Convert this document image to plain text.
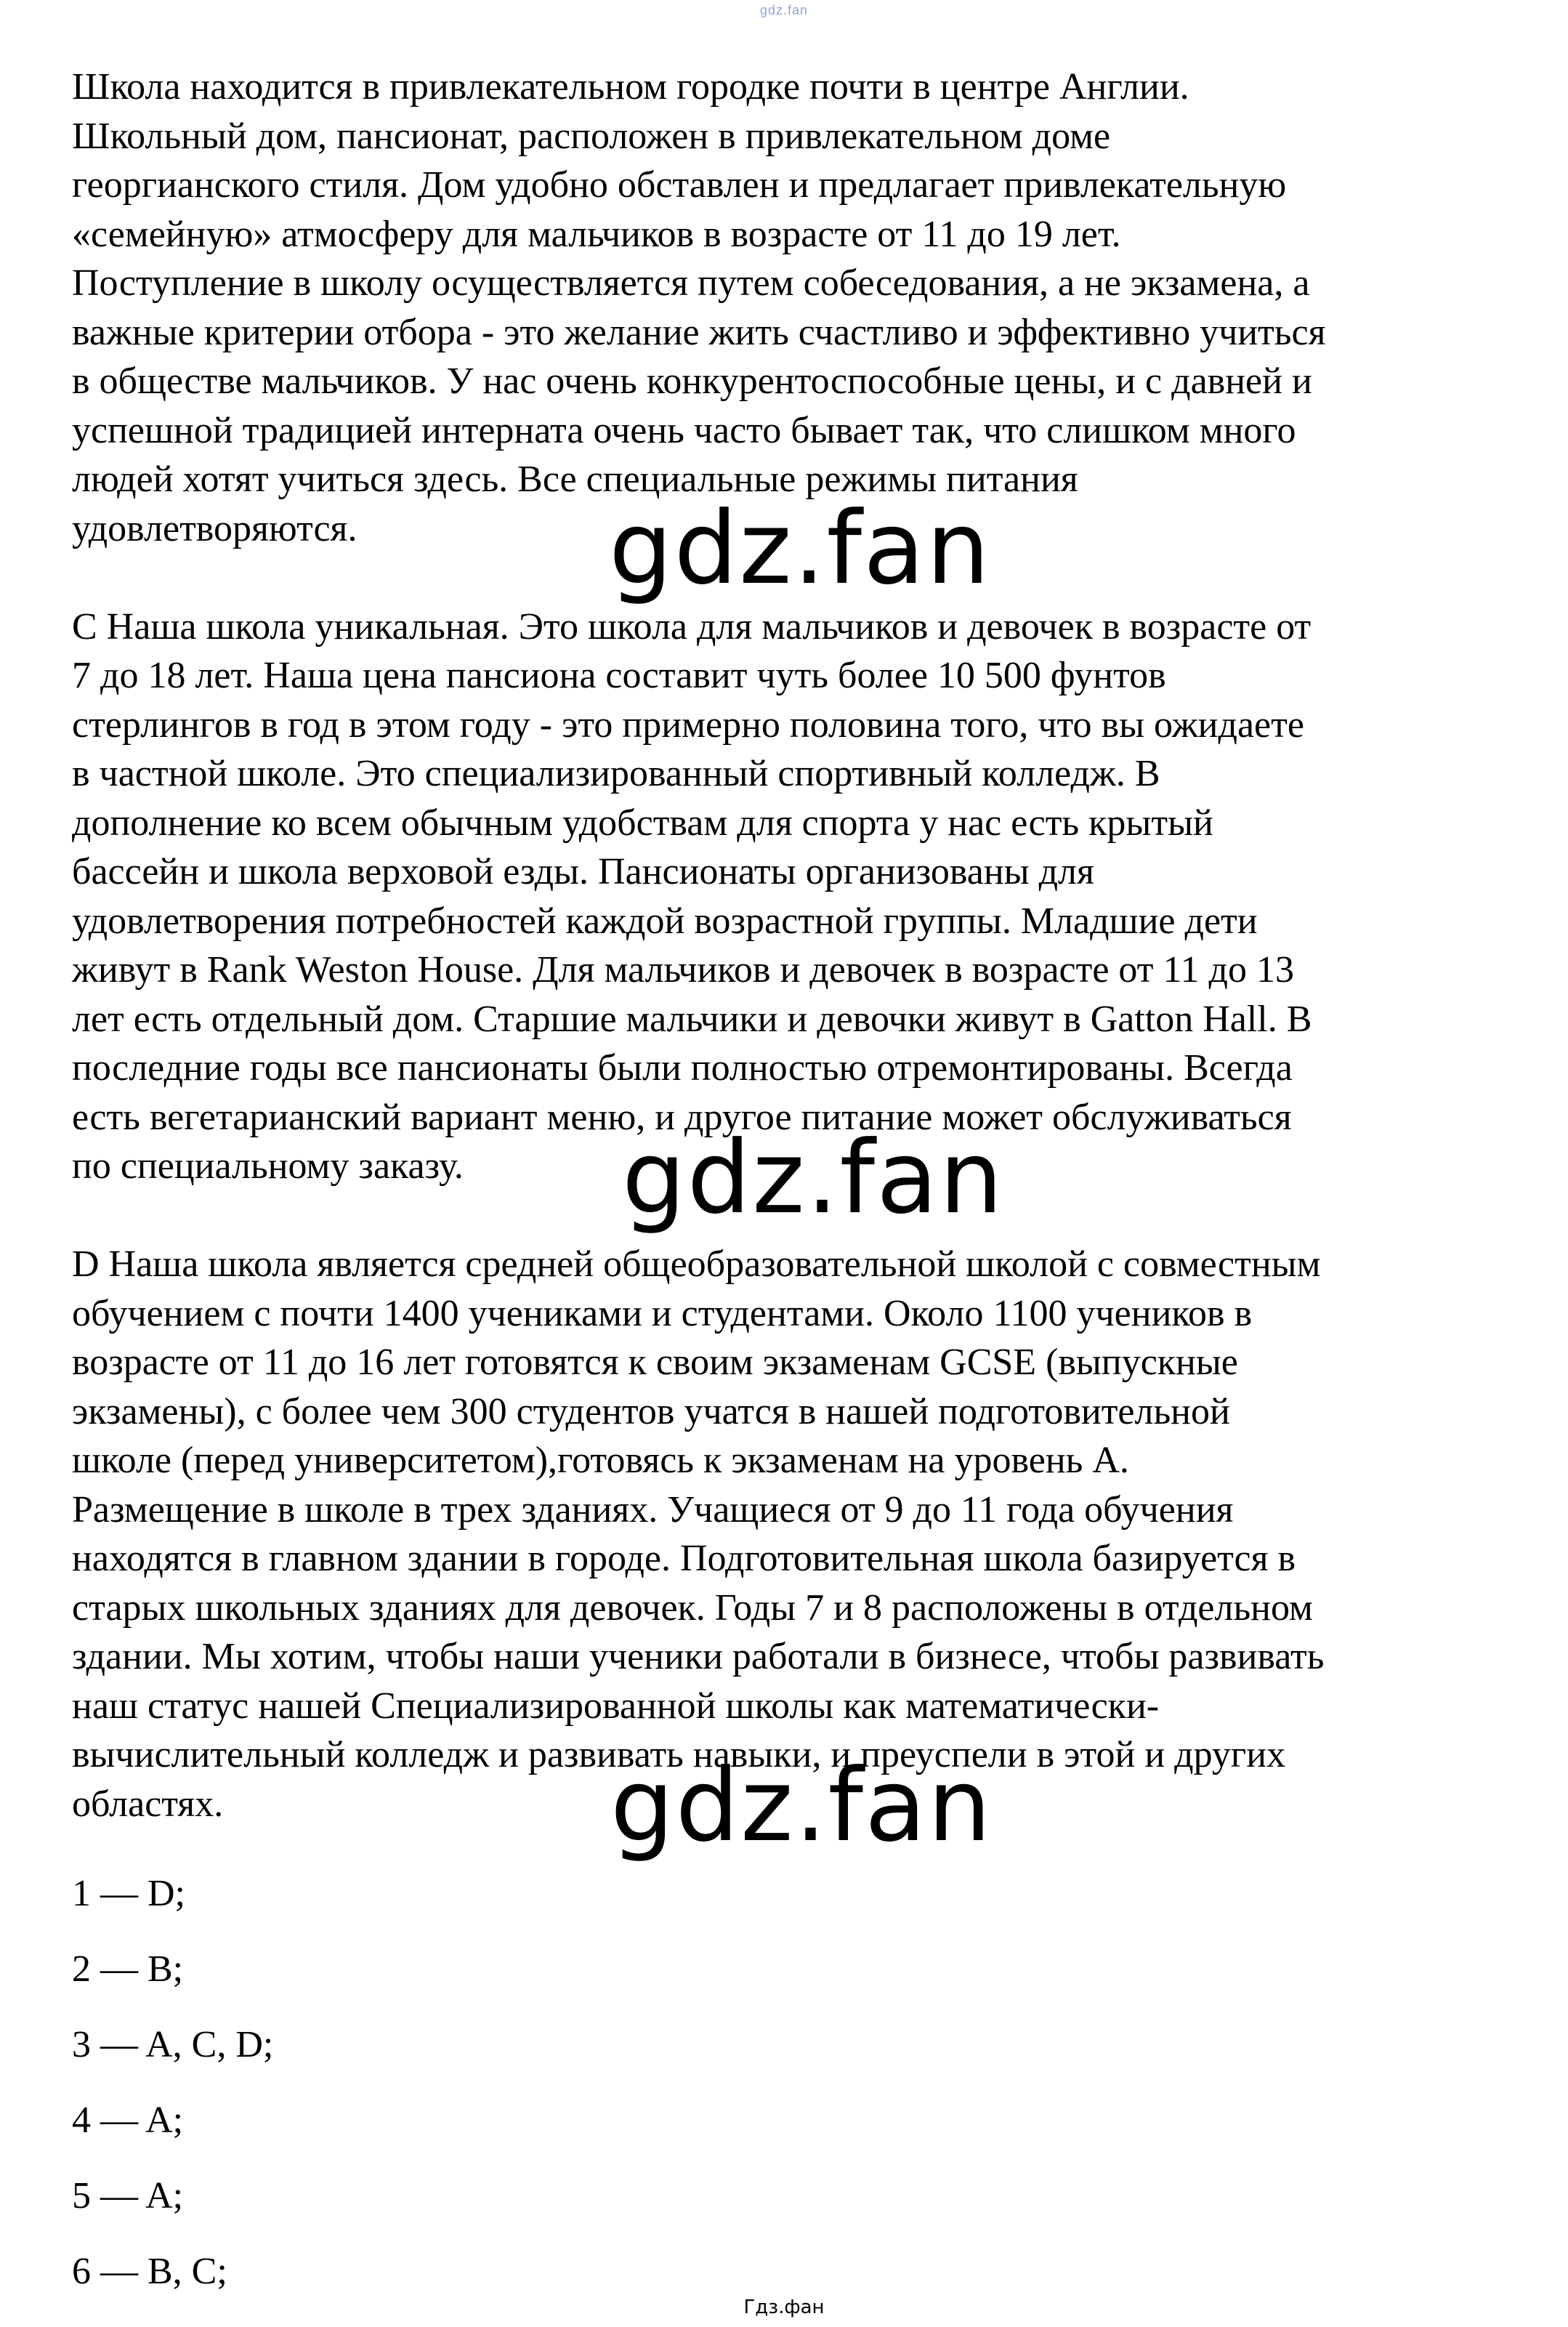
gdz.fan

Школа находится в привлекательном городке почти в центре Англии.
Школьный дом, пансионат, расположен в привлекательном доме
георгианского стиля. Дом удобно обставлен и предлагает привлекательную
«семейную» атмосферу для мальчиков в возрасте от 11 до 19 лет.
Поступление в школу осуществляется путем собеседования, а не экзамена, а
важные критерии отбора - это желание жить счастливо и эффективно учиться
в обществе мальчиков. У нас очень конкурентоспособные цены, и с давней и
успешной традицией интерната очень часто бывает так, что слишком много
людей хотят учиться здесь. Все специальные режимы питания
удовлетворяются.

С Наша школа уникальная. Это школа для мальчиков и девочек в возрасте от
7 до 18 лет. Наша цена пансиона составит чуть более 10 500 фунтов
стерлингов в год в этом году - это примерно половина того, что вы ожидаете
в частной школе. Это специализированный спортивный колледж. В
дополнение ко всем обычным удобствам для спорта у нас есть крытый
бассейн и школа верховой езды. Пансионаты организованы для
удовлетворения потребностей каждой возрастной группы. Младшие дети
живут в Rank Weston House. Для мальчиков и девочек в возрасте от 11 до 13
лет есть отдельный дом. Старшие мальчики и девочки живут в Gatton Hall. В
последние годы все пансионаты были полностью отремонтированы. Всегда
есть вегетарианский вариант меню, и другое питание может обслуживаться
по специальному заказу.

D Наша школа является средней общеобразовательной школой с совместным
обучением с почти 1400 учениками и студентами. Около 1100 учеников в
возрасте от 11 до 16 лет готовятся к своим экзаменам GCSE (выпускные
экзамены), с более чем 300 студентов учатся в нашей подготовительной
школе (перед университетом),готовясь к экзаменам на уровень А.
Размещение в школе в трех зданиях. Учащиеся от 9 до 11 года обучения
находятся в главном здании в городе. Подготовительная школа базируется в
старых школьных зданиях для девочек. Годы 7 и 8 расположены в отдельном
здании. Мы хотим, чтобы наши ученики работали в бизнесе, чтобы развивать
наш статус нашей Специализированной школы как математически-
вычислительный колледж и развивать навыки, и преуспели в этой и других
областях.

1 — D;

2 — B;

3 — A, C, D;

4 — A;

5 — A;

6 — B, C;

gdz.fan
gdz.fan
gdz.fan
Гдз.фан
